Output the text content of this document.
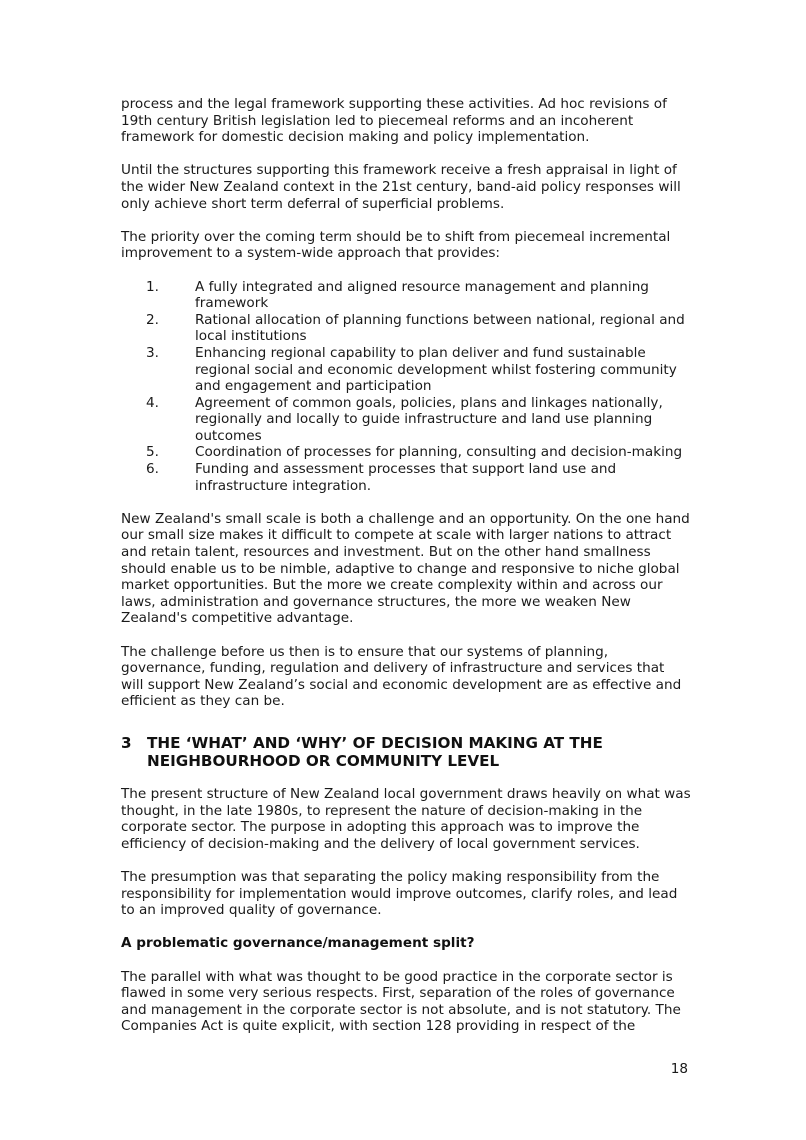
process and the legal framework supporting these activities. Ad hoc revisions of 19th century British legislation led to piecemeal reforms and an incoherent framework for domestic decision making and policy implementation.

Until the structures supporting this framework receive a fresh appraisal in light of the wider New Zealand context in the 21st century, band-aid policy responses will only achieve short term deferral of superficial problems.

The priority over the coming term should be to shift from piecemeal incremental improvement to a system-wide approach that provides:

1.	A fully integrated and aligned resource management and planning framework
2.	Rational allocation of planning functions between national, regional and local institutions
3.	Enhancing regional capability to plan deliver and fund sustainable regional social and economic development whilst fostering community and engagement and participation
4.	Agreement of common goals, policies, plans and linkages nationally, regionally and locally to guide infrastructure and land use planning outcomes
5.	Coordination of processes for planning, consulting and decision-making
6.	Funding and assessment processes that support land use and infrastructure integration.

New Zealand's small scale is both a challenge and an opportunity. On the one hand our small size makes it difficult to compete at scale with larger nations to attract and retain talent, resources and investment. But on the other hand smallness should enable us to be nimble, adaptive to change and responsive to niche global market opportunities. But the more we create complexity within and across our laws, administration and governance structures, the more we weaken New Zealand's competitive advantage.

The challenge before us then is to ensure that our systems of planning, governance, funding, regulation and delivery of infrastructure and services that will support New Zealand’s social and economic development are as effective and efficient as they can be.

3 THE ‘WHAT’ AND ‘WHY’ OF DECISION MAKING AT THE NEIGHBOURHOOD OR COMMUNITY LEVEL

The present structure of New Zealand local government draws heavily on what was thought, in the late 1980s, to represent the nature of decision-making in the corporate sector. The purpose in adopting this approach was to improve the efficiency of decision-making and the delivery of local government services.

The presumption was that separating the policy making responsibility from the responsibility for implementation would improve outcomes, clarify roles, and lead to an improved quality of governance.

A problematic governance/management split?

The parallel with what was thought to be good practice in the corporate sector is flawed in some very serious respects. First, separation of the roles of governance and management in the corporate sector is not absolute, and is not statutory. The Companies Act is quite explicit, with section 128 providing in respect of the

18
